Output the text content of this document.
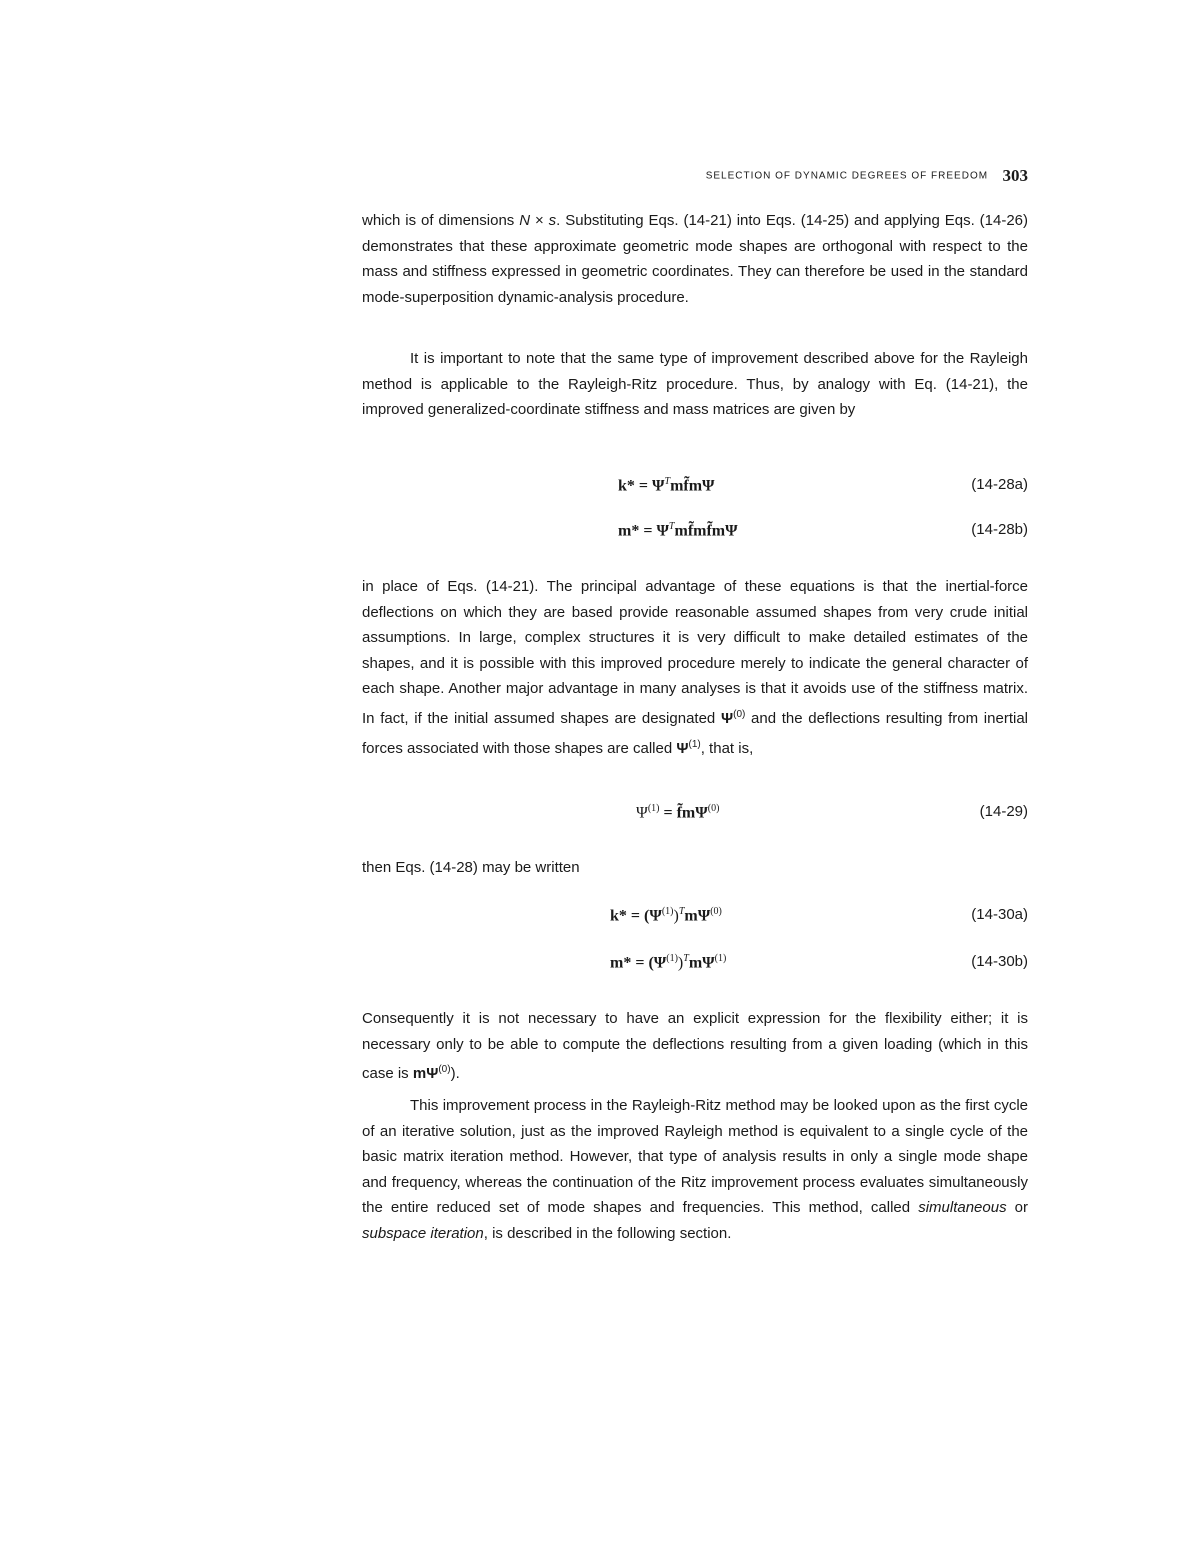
SELECTION OF DYNAMIC DEGREES OF FREEDOM 303

which is of dimensions N × s. Substituting Eqs. (14-21) into Eqs. (14-25) and applying Eqs. (14-26) demonstrates that these approximate geometric mode shapes are orthogonal with respect to the mass and stiffness expressed in geometric coordinates. They can therefore be used in the standard mode-superposition dynamic-analysis procedure.

It is important to note that the same type of improvement described above for the Rayleigh method is applicable to the Rayleigh-Ritz procedure. Thus, by analogy with Eq. (14-21), the improved generalized-coordinate stiffness and mass matrices are given by

$k* = \Psi^Tmf̃m\Psi$	(14-28a)
$m* = \Psi^Tmf̃mf̃m\Psi$	(14-28b)

in place of Eqs. (14-21). The principal advantage of these equations is that the inertial-force deflections on which they are based provide reasonable assumed shapes from very crude initial assumptions. In large, complex structures it is very difficult to make detailed estimates of the shapes, and it is possible with this improved procedure merely to indicate the general character of each shape. Another major advantage in many analyses is that it avoids use of the stiffness matrix. In fact, if the initial assumed shapes are designated $\Psi^{(0)}$ and the deflections resulting from inertial forces associated with those shapes are called $\Psi^{(1)}$, that is,

$\Psi^{(1)}$ = $f̃m\Psi^{(0)}$	(14-29)

then Eqs. (14-28) may be written

$k* = (\Psi^{(1)})^Tm\Psi^{(0)}$	(14-30a)
$m* = (\Psi^{(1)})^Tm\Psi^{(1)}$	(14-30b)

Consequently it is not necessary to have an explicit expression for the flexibility either; it is necessary only to be able to compute the deflections resulting from a given loading (which in this case is $m\Psi^{(0)}$).

This improvement process in the Rayleigh-Ritz method may be looked upon as the first cycle of an iterative solution, just as the improved Rayleigh method is equivalent to a single cycle of the basic matrix iteration method. However, that type of analysis results in only a single mode shape and frequency, whereas the continuation of the Ritz improvement process evaluates simultaneously the entire reduced set of mode shapes and frequencies. This method, called simultaneous or subspace iteration, is described in the following section.
